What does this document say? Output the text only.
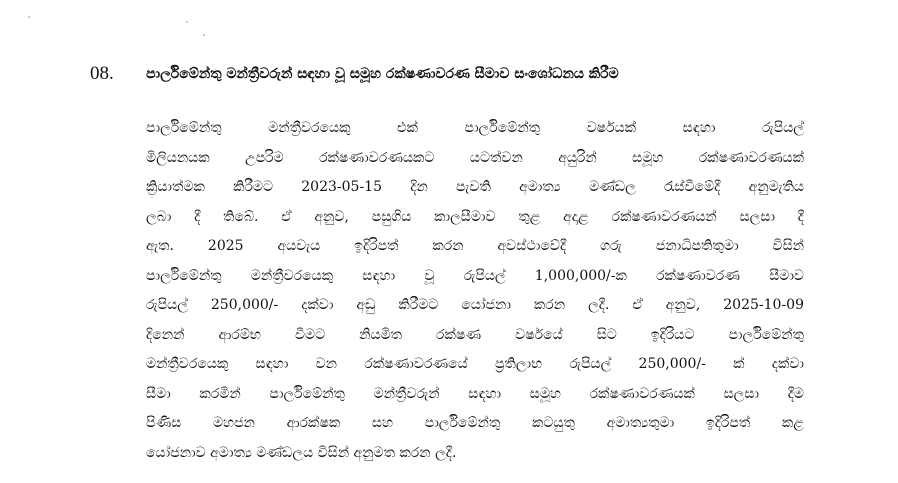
08. පාර්ලිමේන්තු මන්ත්‍රීවරුන් සඳහා වූ සමූහ රක්ෂණාවරණ සීමාව සංශෝධනය කිරීම
පාර්ලිමේන්තු මන්ත්‍රීවරයෙකු එක් පාර්ලිමේන්තු වර්ෂයක් සඳහා රුපියල්
මිලියනයක උපරිම රක්ෂණාවරණයකට යටත්වන අයුරින් සමූහ රක්ෂණාවරණයක්
ක්‍රියාත්මක කිරීමට 2023-05-15 දින පැවති අමාත්‍ය මණ්ඩල රැස්වීමේදී අනුමැතිය
ලබා දී තිබේ. ඒ අනුව, පසුගිය කාලසීමාව තුළ අදාළ රක්ෂණාවරණයන් සලසා දී
ඇත. 2025 අයවැය ඉදිරිපත් කරන අවස්ථාවේදී ගරු ජනාධිපතිතුමා විසින්
පාර්ලිමේන්තු මන්ත්‍රීවරයෙකු සඳහා වූ රුපියල් 1,000,000/-ක රක්ෂණාවරණ සීමාව
රුපියල් 250,000/- දක්වා අඩු කිරීමට යෝජනා කරන ලදී. ඒ අනුව, 2025-10-09
දිනෙන් ආරම්භ වීමට නියමිත රක්ෂණ වර්ෂයේ සිට ඉදිරියට පාර්ලිමේන්තු
මන්ත්‍රීවරයෙකු සඳහා වන රක්ෂණාවරණයේ ප්‍රතිලාභ රුපියල් 250,000/- ක් දක්වා
සීමා කරමින් පාර්ලිමේන්තු මන්ත්‍රීවරුන් සඳහා සමූහ රක්ෂණාවරණයක් සලසා දීම
පිණිස මහජන ආරක්ෂක සහ පාර්ලිමේන්තු කටයුතු අමාත්‍යතුමා ඉදිරිපත් කළ
යෝජනාව අමාත්‍ය මණ්ඩලය විසින් අනුමත කරන ලදී.
